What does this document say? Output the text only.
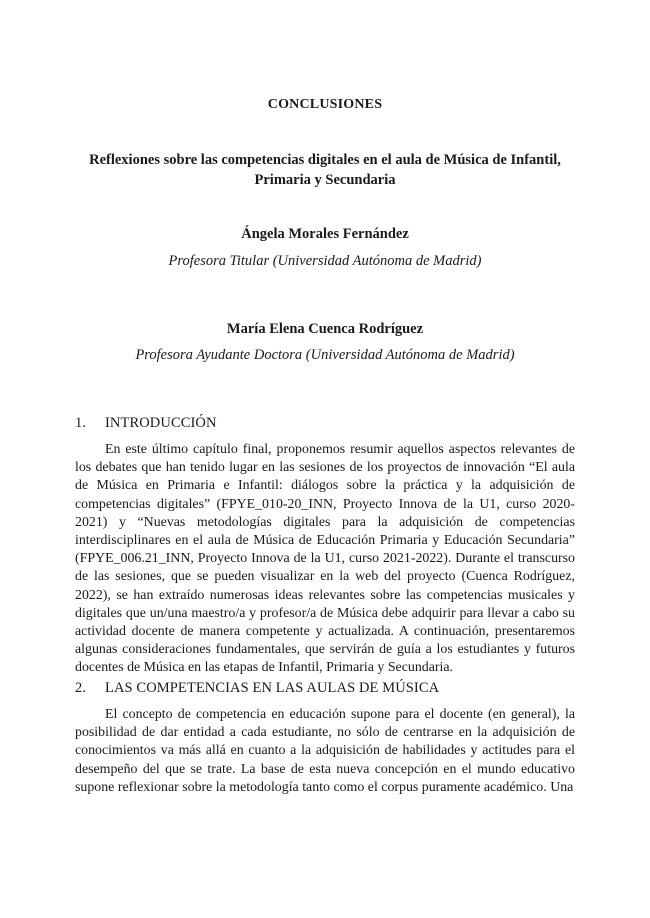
CONCLUSIONES
Reflexiones sobre las competencias digitales en el aula de Música de Infantil, Primaria y Secundaria
Ángela Morales Fernández
Profesora Titular (Universidad Autónoma de Madrid)
María Elena Cuenca Rodríguez
Profesora Ayudante Doctora (Universidad Autónoma de Madrid)
1. INTRODUCCIÓN
En este último capítulo final, proponemos resumir aquellos aspectos relevantes de los debates que han tenido lugar en las sesiones de los proyectos de innovación “El aula de Música en Primaria e Infantil: diálogos sobre la práctica y la adquisición de competencias digitales” (FPYE_010-20_INN, Proyecto Innova de la U1, curso 2020-2021) y “Nuevas metodologías digitales para la adquisición de competencias interdisciplinares en el aula de Música de Educación Primaria y Educación Secundaria” (FPYE_006.21_INN, Proyecto Innova de la U1, curso 2021-2022). Durante el transcurso de las sesiones, que se pueden visualizar en la web del proyecto (Cuenca Rodríguez, 2022), se han extraído numerosas ideas relevantes sobre las competencias musicales y digitales que un/una maestro/a y profesor/a de Música debe adquirir para llevar a cabo su actividad docente de manera competente y actualizada. A continuación, presentaremos algunas consideraciones fundamentales, que servirán de guía a los estudiantes y futuros docentes de Música en las etapas de Infantil, Primaria y Secundaria.
2. LAS COMPETENCIAS EN LAS AULAS DE MÚSICA
El concepto de competencia en educación supone para el docente (en general), la posibilidad de dar entidad a cada estudiante, no sólo de centrarse en la adquisición de conocimientos va más allá en cuanto a la adquisición de habilidades y actitudes para el desempeño del que se trate. La base de esta nueva concepción en el mundo educativo supone reflexionar sobre la metodología tanto como el corpus puramente académico. Una
